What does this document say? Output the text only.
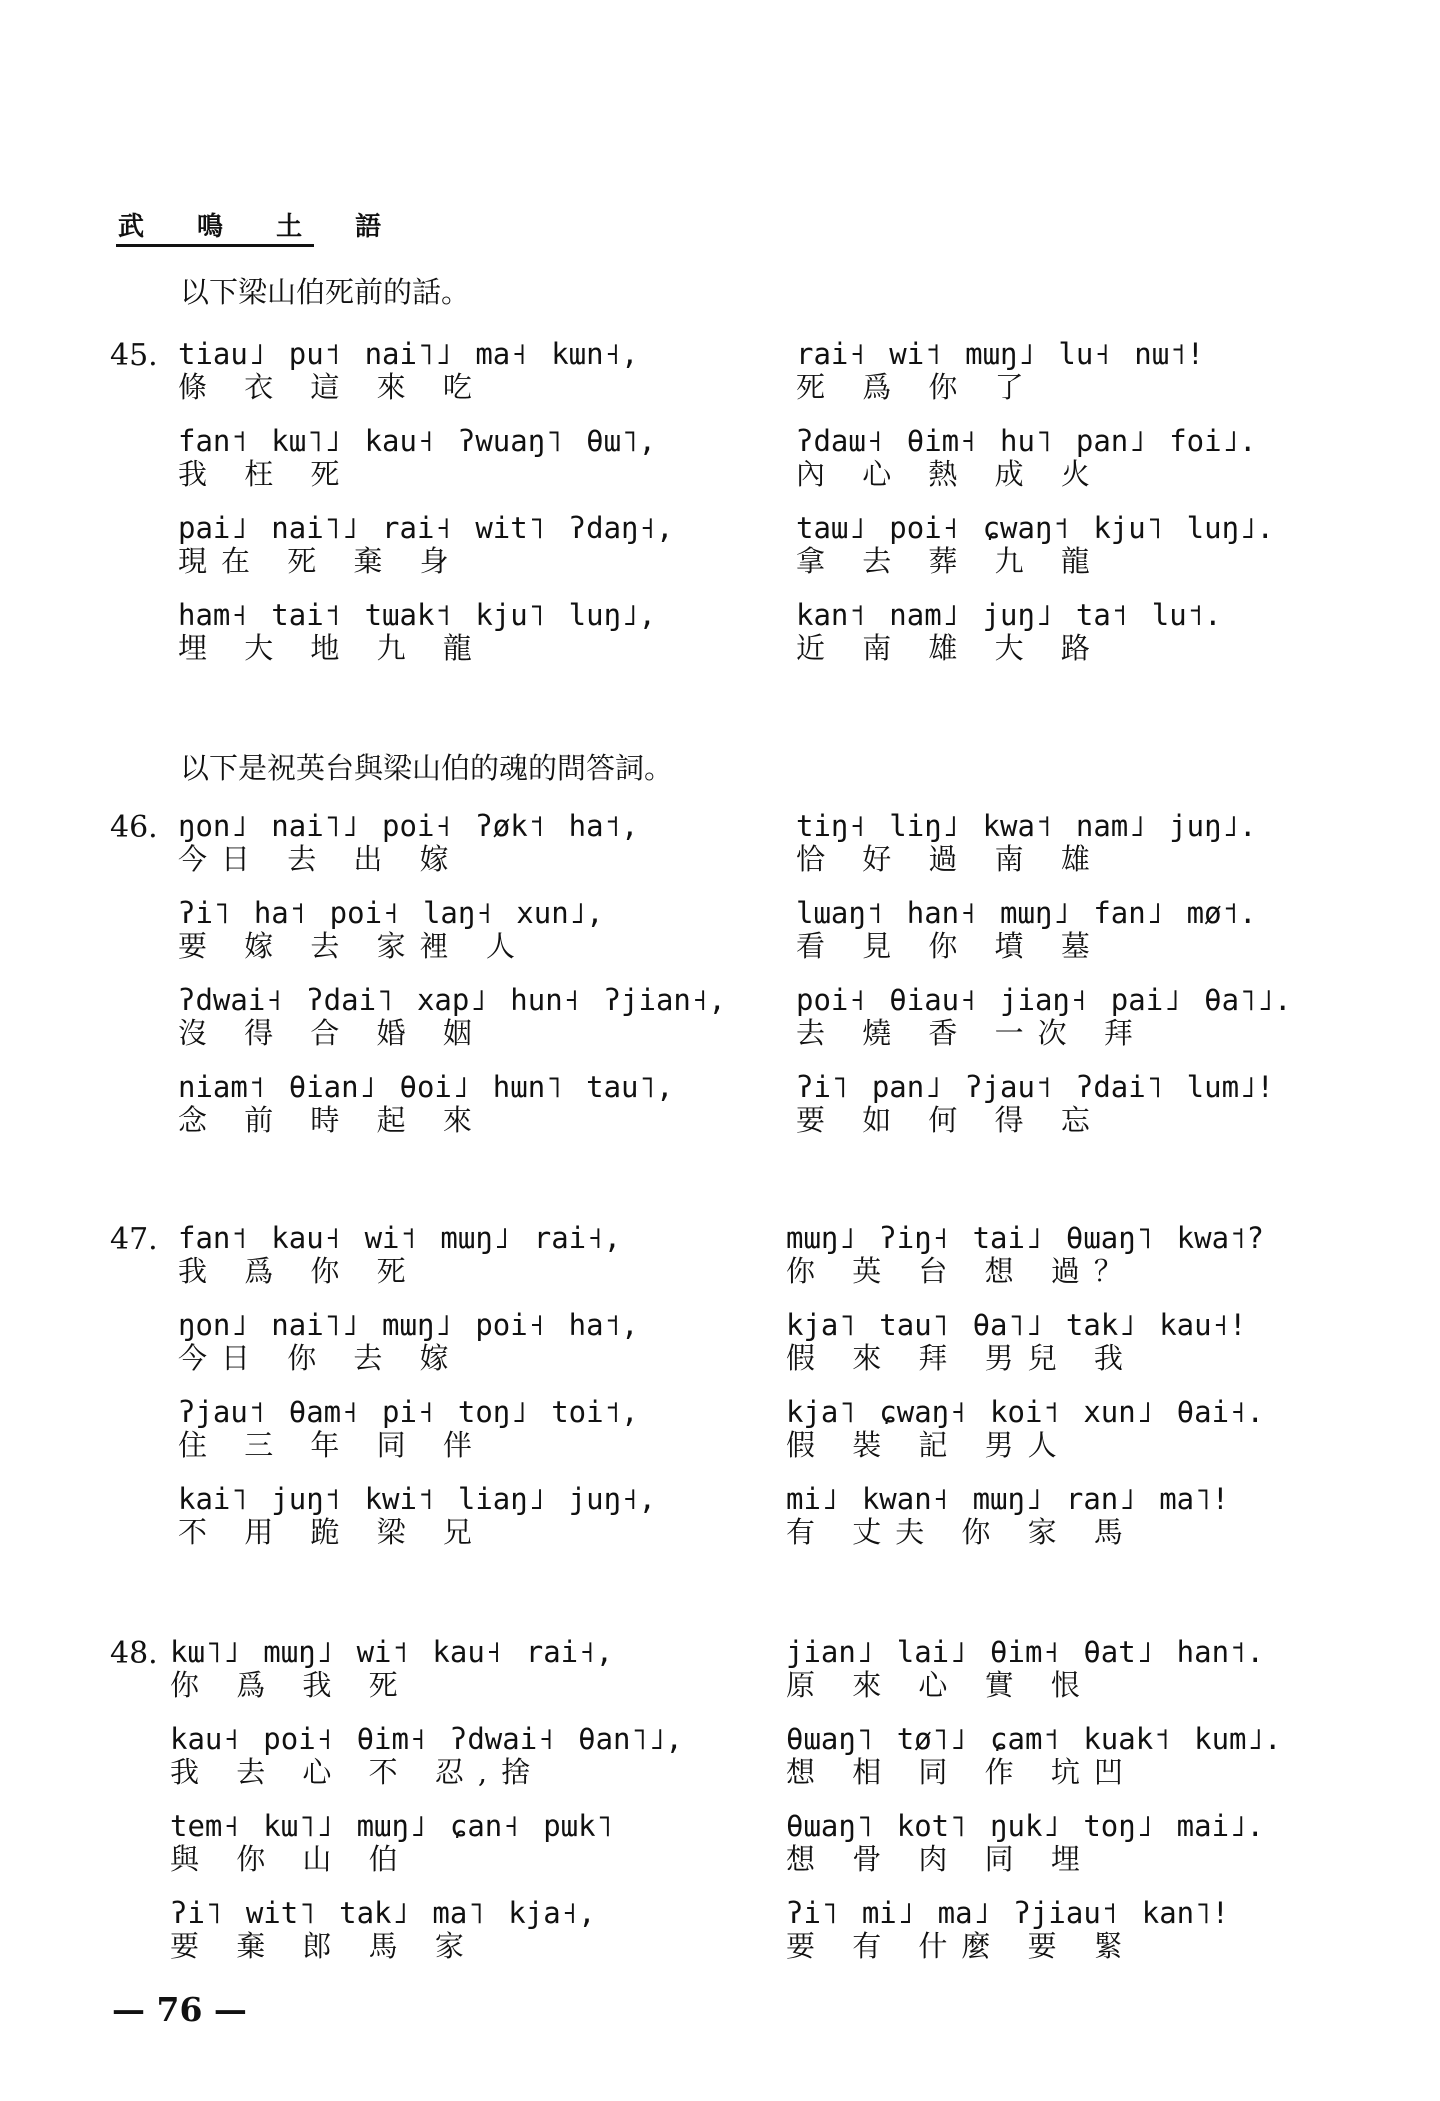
武 鳴 土 語
以下梁山伯死前的話。
45. tiau˩ pu˦ nai˥˩ ma˧ kɯn˧,
條 衣 這 來 吃
fan˦ kɯ˥˩ kau˧ ʔwuaŋ˥ θɯ˥,
我 枉 死
pai˩ nai˥˩ rai˧ wit˥ ʔdaŋ˧,
現在 死 棄 身
ham˧ tai˦ tɯak˦ kju˥ luŋ˩,
埋 大 地 九 龍
rai˧ wi˦ mɯŋ˩ lu˧ nɯ˦!
死 爲 你 了
ʔdaɯ˧ θim˧ hu˥ pan˩ foi˩.
內 心 熱 成 火
taɯ˩ poi˧ ɕwaŋ˦ kju˥ luŋ˩.
拿 去 葬 九 龍
kan˦ nam˩ juŋ˩ ta˦ lu˦.
近 南 雄 大 路
以下是祝英台與梁山伯的魂的問答詞。
46. ŋon˩ nai˥˩ poi˧ ʔøk˦ ha˦,
今日 去 出 嫁
ʔi˥ ha˦ poi˧ laŋ˧ xun˩,
要 嫁 去 家裡 人
ʔdwai˧ ʔdai˥ xap˩ hun˧ ʔjian˧,
沒 得 合 婚 姻
niam˦ θian˩ θoi˩ hɯn˥ tau˥,
念 前 時 起 來
tiŋ˧ liŋ˩ kwa˦ nam˩ juŋ˩.
恰 好 過 南 雄
lɯaŋ˦ han˧ mɯŋ˩ fan˩ mø˦.
看 見 你 墳 墓
poi˧ θiau˧ jiaŋ˧ pai˩ θa˥˩.
去 燒 香 一次 拜
ʔi˥ pan˩ ʔjau˦ ʔdai˥ lum˩!
要 如 何 得 忘
47. fan˦ kau˧ wi˦ mɯŋ˩ rai˧,
我 爲 你 死
ŋon˩ nai˥˩ mɯŋ˩ poi˧ ha˦,
今日 你 去 嫁
ʔjau˦ θam˧ pi˧ toŋ˩ toi˦,
住 三 年 同 伴
kai˥ juŋ˦ kwi˦ liaŋ˩ juŋ˧,
不 用 跪 梁 兄
mɯŋ˩ ʔiŋ˧ tai˩ θɯaŋ˥ kwa˦?
你 英 台 想 過？
kja˥ tau˥ θa˥˩ tak˩ kau˧!
假 來 拜 男兒 我
kja˥ ɕwaŋ˧ koi˦ xun˩ θai˧.
假 裝 記 男人
mi˩ kwan˧ mɯŋ˩ ran˩ ma˥!
有 丈夫 你 家 馬
48. kɯ˥˩ mɯŋ˩ wi˦ kau˧ rai˧,
你 爲 我 死
kau˧ poi˧ θim˧ ʔdwai˧ θan˥˩,
我 去 心 不 忍,捨
tem˧ kɯ˥˩ mɯŋ˩ ɕan˧ pɯk˥
與 你 山 伯
ʔi˥ wit˥ tak˩ ma˥ kja˧,
要 棄 郎 馬 家
jian˩ lai˩ θim˧ θat˩ han˦.
原 來 心 實 恨
θɯaŋ˥ tø˥˩ ɕam˦ kuak˦ kum˩.
想 相 同 作 坑凹
θɯaŋ˥ kot˥ ŋuk˩ toŋ˩ mai˩.
想 骨 肉 同 埋
ʔi˥ mi˩ ma˩ ʔjiau˦ kan˥!
要 有 什麼 要 緊
— 76 —
